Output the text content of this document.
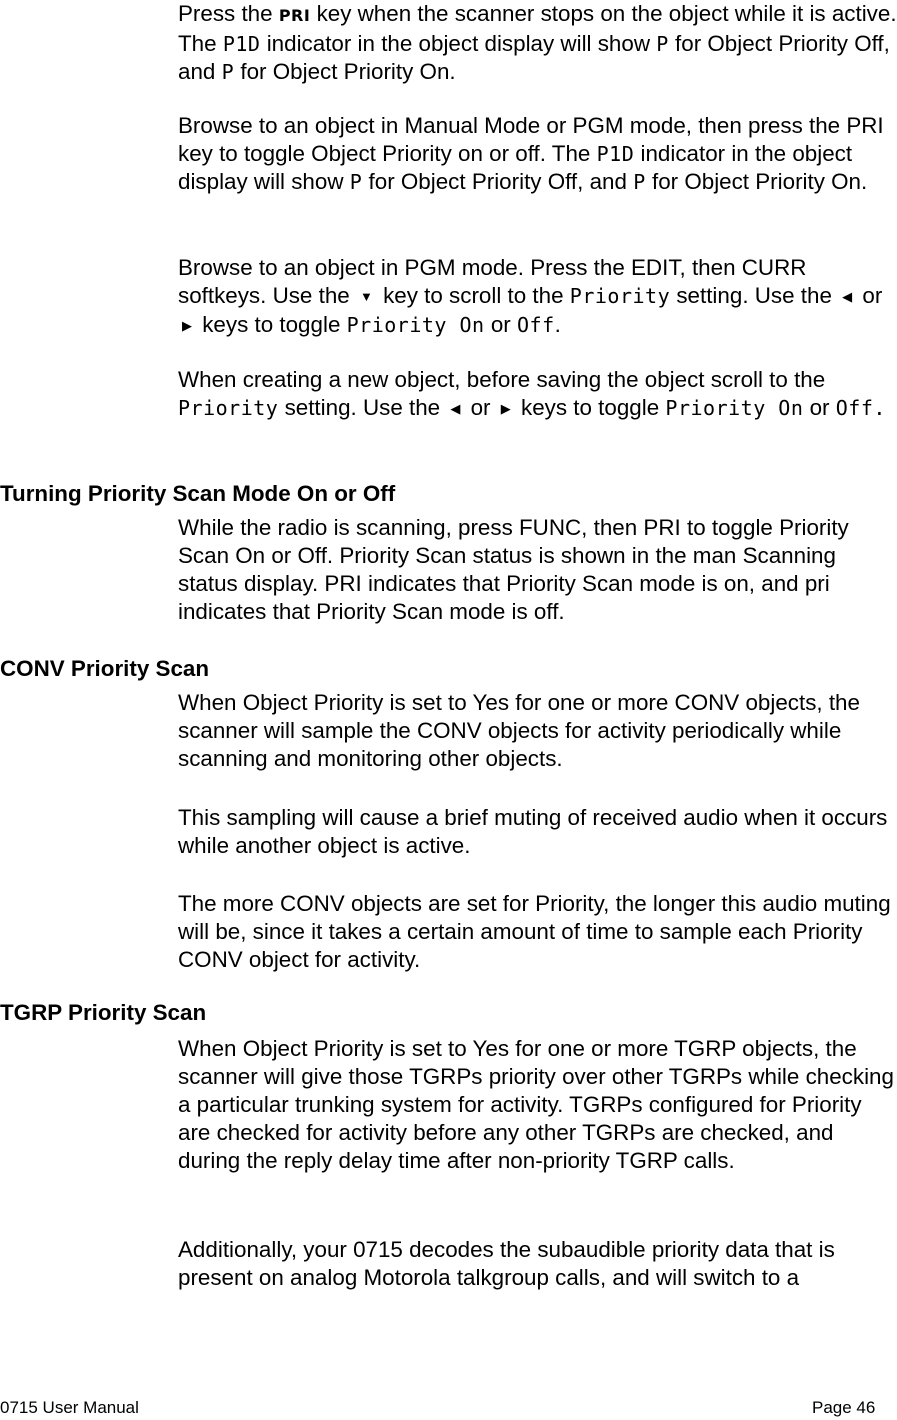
Press the PRI key when the scanner stops on the object while it is active. The P1D indicator in the object display will show P for Object Priority Off, and P for Object Priority On.

Browse to an object in Manual Mode or PGM mode, then press the PRI key to toggle Object Priority on or off. The P1D indicator in the object display will show P for Object Priority Off, and P for Object Priority On.

Browse to an object in PGM mode. Press the EDIT, then CURR softkeys. Use the ▼ key to scroll to the Priority setting. Use the ◀ or ▶ keys to toggle Priority On or Off.

When creating a new object, before saving the object scroll to the Priority setting. Use the ◀ or ▶ keys to toggle Priority On or Off.

Turning Priority Scan Mode On or Off

While the radio is scanning, press FUNC, then PRI to toggle Priority Scan On or Off. Priority Scan status is shown in the man Scanning status display. PRI indicates that Priority Scan mode is on, and pri indicates that Priority Scan mode is off.

CONV Priority Scan

When Object Priority is set to Yes for one or more CONV objects, the scanner will sample the CONV objects for activity periodically while scanning and monitoring other objects.

This sampling will cause a brief muting of received audio when it occurs while another object is active.

The more CONV objects are set for Priority, the longer this audio muting will be, since it takes a certain amount of time to sample each Priority CONV object for activity.

TGRP Priority Scan

When Object Priority is set to Yes for one or more TGRP objects, the scanner will give those TGRPs priority over other TGRPs while checking a particular trunking system for activity. TGRPs configured for Priority are checked for activity before any other TGRPs are checked, and during the reply delay time after non-priority TGRP calls.

Additionally, your 0715 decodes the subaudible priority data that is present on analog Motorola talkgroup calls, and will switch to a

0715 User Manual	Page 46
